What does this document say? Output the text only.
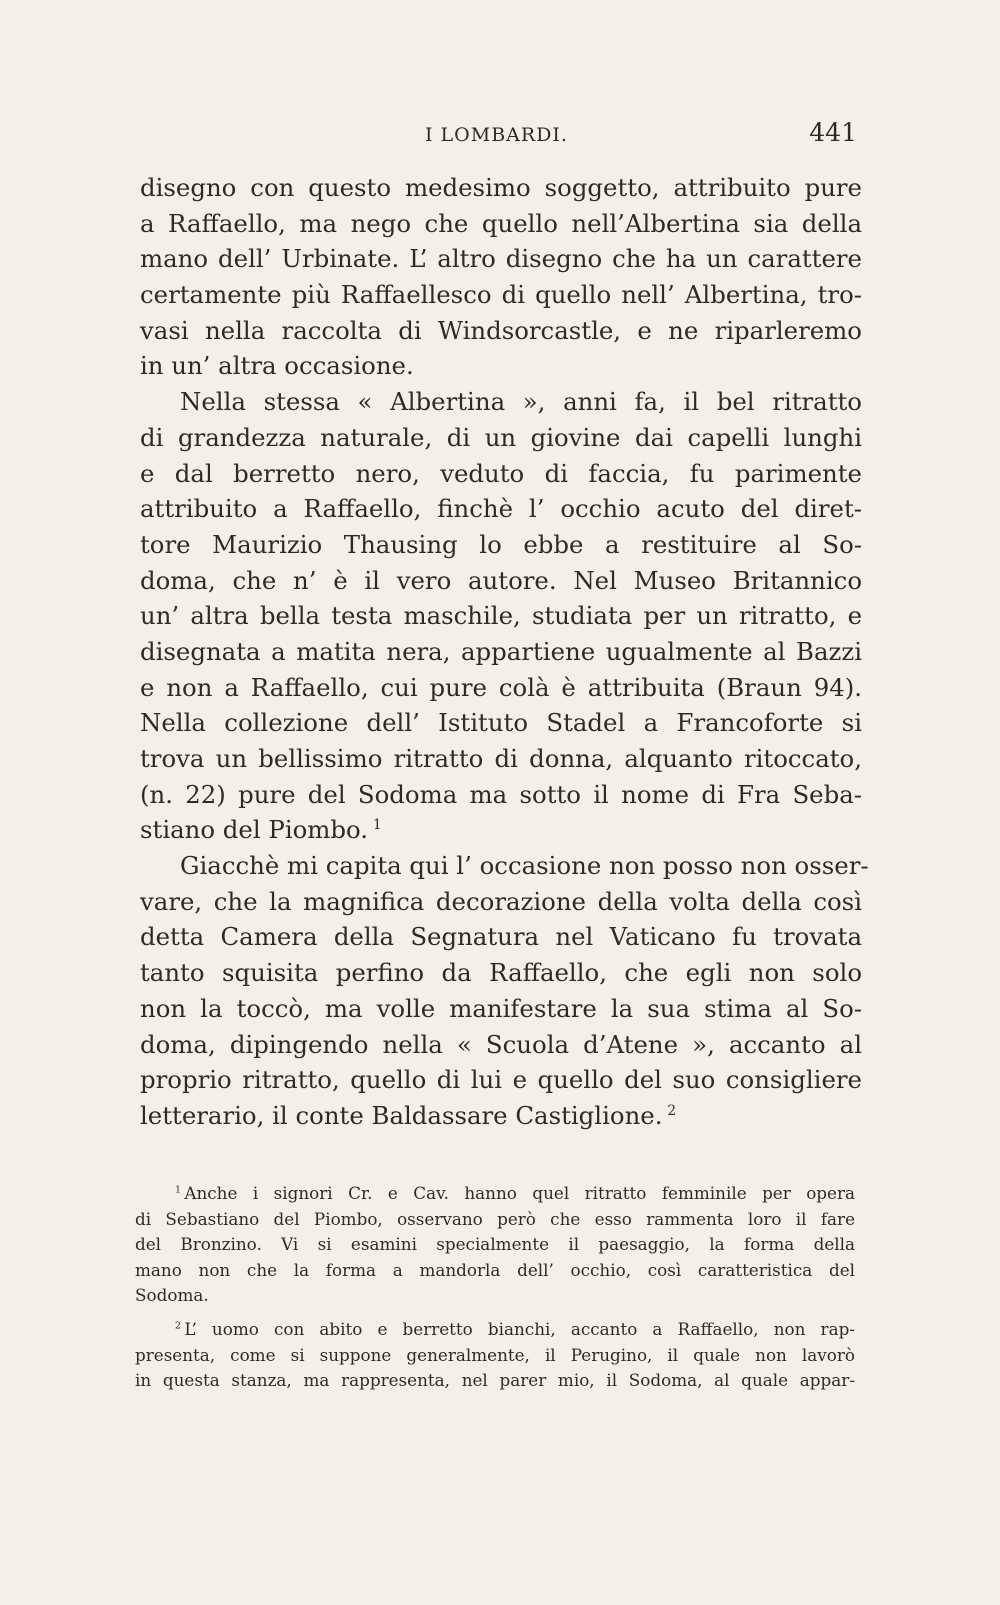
I LOMBARDI.	441
disegno con questo medesimo soggetto, attribuito pure
a Raffaello, ma nego che quello nell’Albertina sia della
mano dell’ Urbinate. L’ altro disegno che ha un carattere
certamente più Raffaellesco di quello nell’ Albertina, tro-
vasi nella raccolta di Windsorcastle, e ne riparleremo
in un’ altra occasione.
Nella stessa « Albertina », anni fa, il bel ritratto
di grandezza naturale, di un giovine dai capelli lunghi
e dal berretto nero, veduto di faccia, fu parimente
attribuito a Raffaello, finchè l’ occhio acuto del diret-
tore Maurizio Thausing lo ebbe a restituire al So-
doma, che n’ è il vero autore. Nel Museo Britannico
un’ altra bella testa maschile, studiata per un ritratto, e
disegnata a matita nera, appartiene ugualmente al Bazzi
e non a Raffaello, cui pure colà è attribuita (Braun 94).
Nella collezione dell’ Istituto Stadel a Francoforte si
trova un bellissimo ritratto di donna, alquanto ritoccato,
(n. 22) pure del Sodoma ma sotto il nome di Fra Seba-
stiano del Piombo.  $^1$
Giacchè mi capita qui l’ occasione non posso non osser-
vare, che la magnifica decorazione della volta della così
detta Camera della Segnatura nel Vaticano fu trovata
tanto squisita perfino da Raffaello, che egli non solo
non la toccò, ma volle manifestare la sua stima al So-
doma, dipingendo nella « Scuola d’Atene », accanto al
proprio ritratto, quello di lui e quello del suo consigliere
letterario, il conte Baldassare Castiglione.  $^2$
$^1$  Anche i signori Cr. e Cav. hanno quel ritratto femminile per opera
di Sebastiano del Piombo, osservano però che esso rammenta loro il fare
del Bronzino. Vi si esamini specialmente il paesaggio, la forma della
mano non che la forma a mandorla dell’ occhio, così caratteristica del
Sodoma.
$^2$  L’ uomo con abito e berretto bianchi, accanto a Raffaello, non rap-
presenta, come si suppone generalmente, il Perugino, il quale non lavorò
in questa stanza, ma rappresenta, nel parer mio, il Sodoma, al quale appar-
